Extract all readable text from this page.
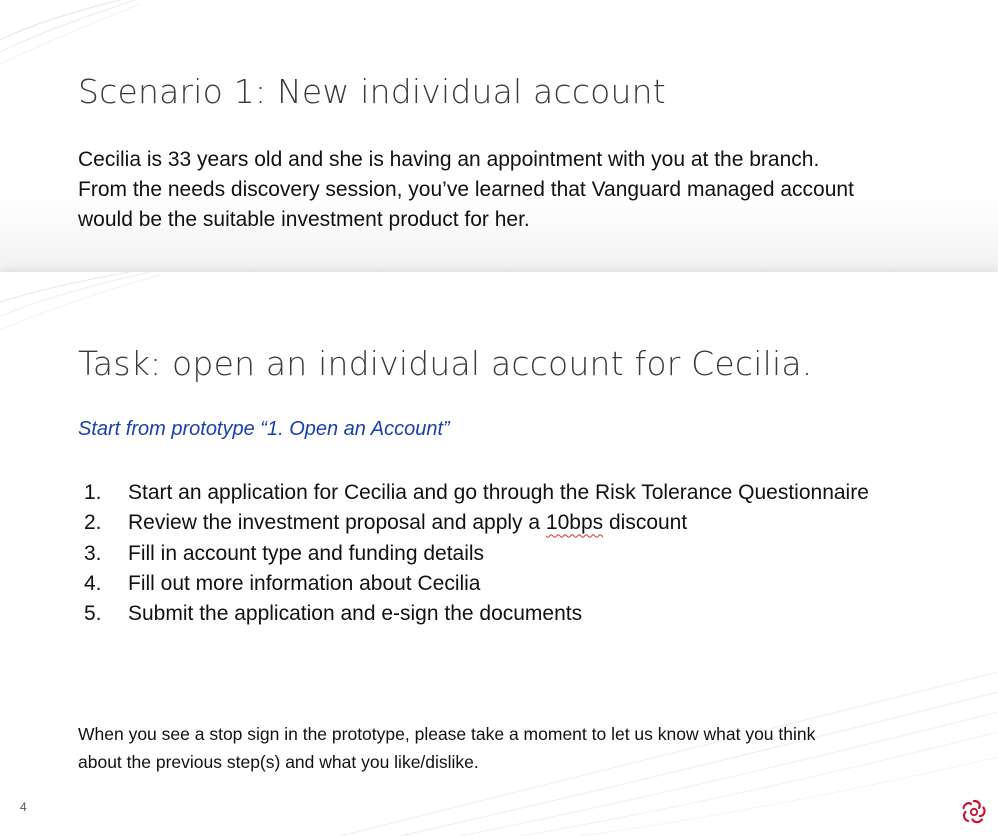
Scenario 1: New individual account

Cecilia is 33 years old and she is having an appointment with you at the branch.
From the needs discovery session, you’ve learned that Vanguard managed account
would be the suitable investment product for her.

Task: open an individual account for Cecilia.

Start from prototype “1. Open an Account”

1.	Start an application for Cecilia and go through the Risk Tolerance Questionnaire
2.	Review the investment proposal and apply a 10bps discount
3.	Fill in account type and funding details
4.	Fill out more information about Cecilia
5.	Submit the application and e-sign the documents

When you see a stop sign in the prototype, please take a moment to let us know what you think
about the previous step(s) and what you like/dislike.

4
